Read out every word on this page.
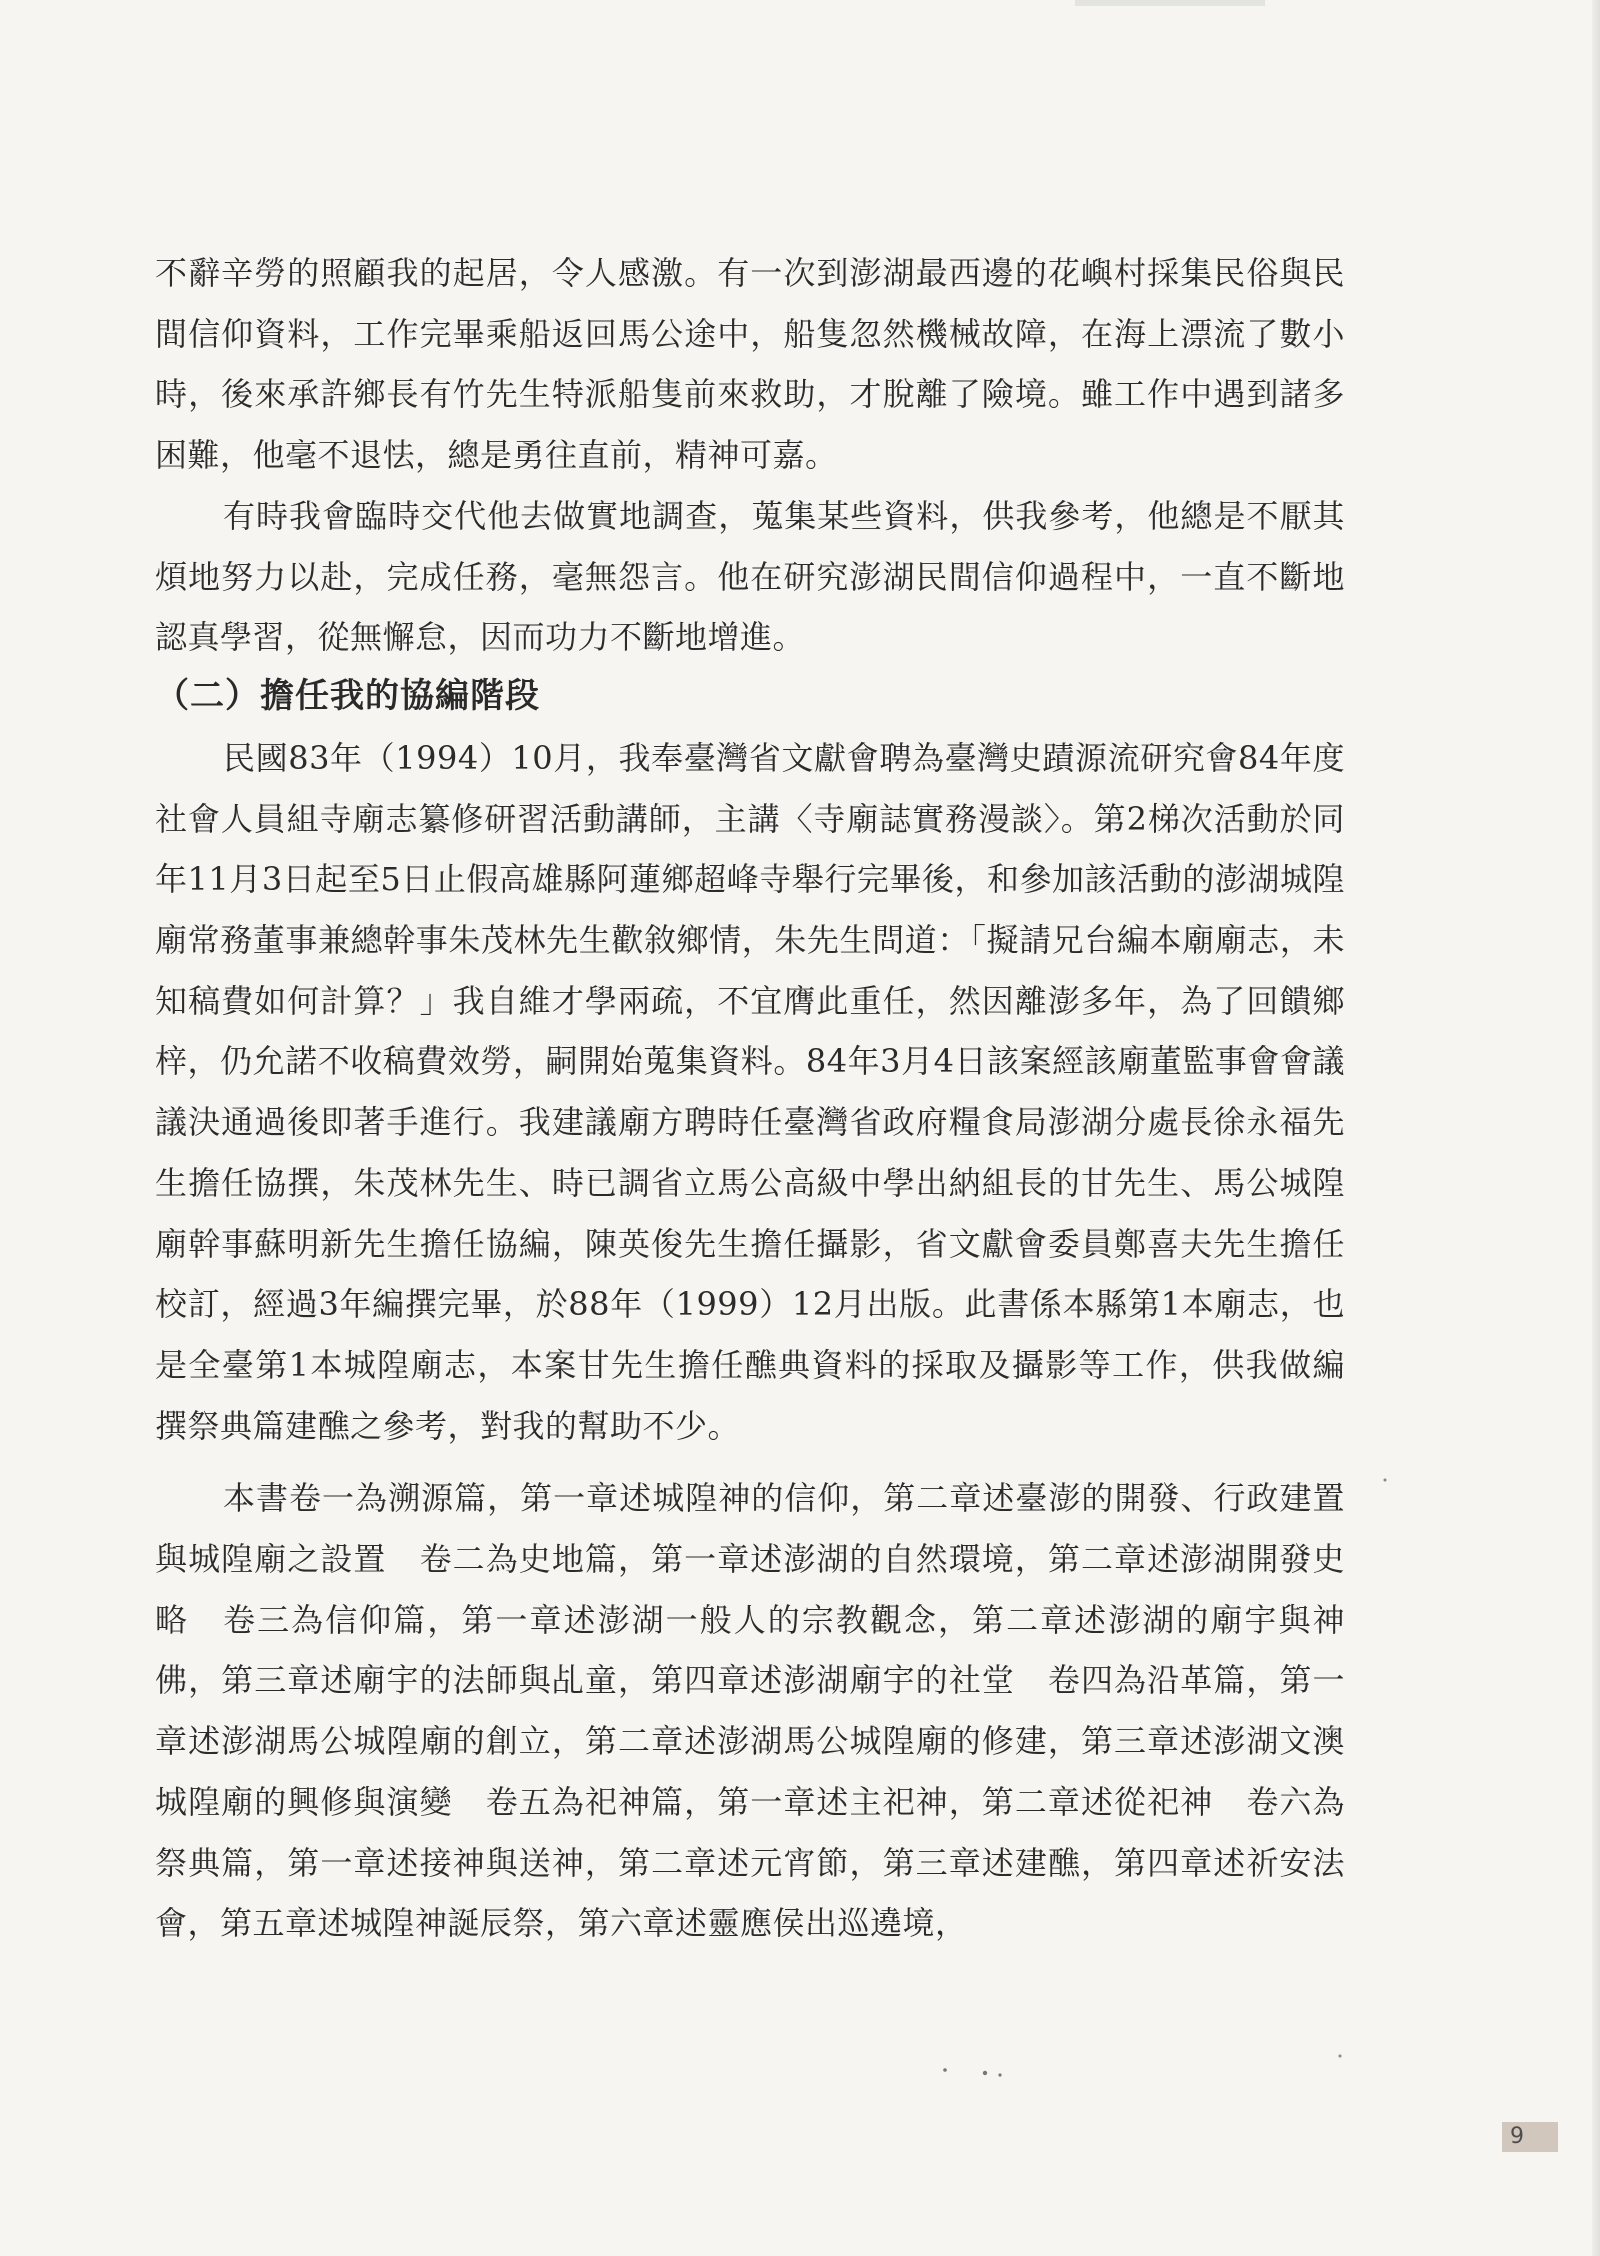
不辭辛勞的照顧我的起居，令人感激。有一次到澎湖最西邊的花嶼村採集民俗與民間信仰資料，工作完畢乘船返回馬公途中，船隻忽然機械故障，在海上漂流了數小時，後來承許鄉長有竹先生特派船隻前來救助，才脫離了險境。雖工作中遇到諸多困難，他毫不退怯，總是勇往直前，精神可嘉。

有時我會臨時交代他去做實地調查，蒐集某些資料，供我參考，他總是不厭其煩地努力以赴，完成任務，毫無怨言。他在研究澎湖民間信仰過程中，一直不斷地認真學習，從無懈怠，因而功力不斷地增進。

（二）擔任我的協編階段

民國83年（1994）10月，我奉臺灣省文獻會聘為臺灣史蹟源流研究會84年度社會人員組寺廟志纂修研習活動講師，主講〈寺廟誌實務漫談〉。第2梯次活動於同年11月3日起至5日止假高雄縣阿蓮鄉超峰寺舉行完畢後，和參加該活動的澎湖城隍廟常務董事兼總幹事朱茂林先生歡敘鄉情，朱先生問道：「擬請兄台編本廟廟志，未知稿費如何計算？」我自維才學兩疏，不宜膺此重任，然因離澎多年，為了回饋鄉梓，仍允諾不收稿費效勞，嗣開始蒐集資料。84年3月4日該案經該廟董監事會會議議決通過後即著手進行。我建議廟方聘時任臺灣省政府糧食局澎湖分處長徐永福先生擔任協撰，朱茂林先生、時已調省立馬公高級中學出納組長的甘先生、馬公城隍廟幹事蘇明新先生擔任協編，陳英俊先生擔任攝影，省文獻會委員鄭喜夫先生擔任校訂，經過3年編撰完畢，於88年（1999）12月出版。此書係本縣第1本廟志，也是全臺第1本城隍廟志，本案甘先生擔任醮典資料的採取及攝影等工作，供我做編撰祭典篇建醮之參考，對我的幫助不少。

本書卷一為溯源篇，第一章述城隍神的信仰，第二章述臺澎的開發、行政建置與城隍廟之設置　卷二為史地篇，第一章述澎湖的自然環境，第二章述澎湖開發史略　卷三為信仰篇，第一章述澎湖一般人的宗教觀念，第二章述澎湖的廟宇與神佛，第三章述廟宇的法師與乩童，第四章述澎湖廟宇的社堂　卷四為沿革篇，第一章述澎湖馬公城隍廟的創立，第二章述澎湖馬公城隍廟的修建，第三章述澎湖文澳城隍廟的興修與演變　卷五為祀神篇，第一章述主祀神，第二章述從祀神　卷六為祭典篇，第一章述接神與送神，第二章述元宵節，第三章述建醮，第四章述祈安法會，第五章述城隍神誕辰祭，第六章述靈應侯出巡遶境，

9
